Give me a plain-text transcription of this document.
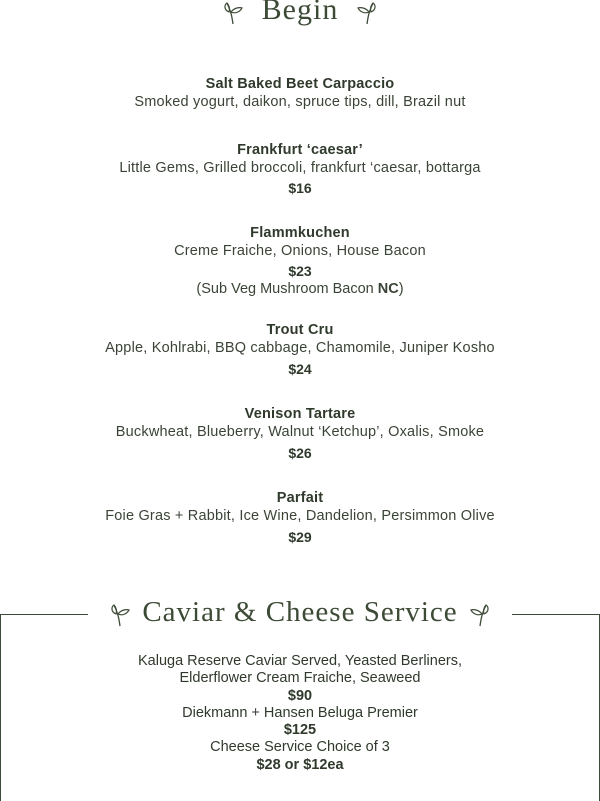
Begin
Salt Baked Beet Carpaccio
Smoked yogurt, daikon, spruce tips, dill, Brazil nut
Frankfurt ‘caesar’
Little Gems, Grilled broccoli, frankfurt ‘caesar, bottarga
$16
Flammkuchen
Creme Fraiche, Onions, House Bacon
$23
(Sub Veg Mushroom Bacon NC)
Trout Cru
Apple, Kohlrabi, BBQ cabbage, Chamomile, Juniper Kosho
$24
Venison Tartare
Buckwheat, Blueberry, Walnut ‘Ketchup’, Oxalis, Smoke
$26
Parfait
Foie Gras + Rabbit, Ice Wine, Dandelion, Persimmon Olive
$29
Caviar & Cheese Service
Kaluga Reserve Caviar Served, Yeasted Berliners,
Elderflower Cream Fraiche, Seaweed
$90
Diekmann + Hansen Beluga Premier
$125
Cheese Service Choice of 3
$28 or $12ea
